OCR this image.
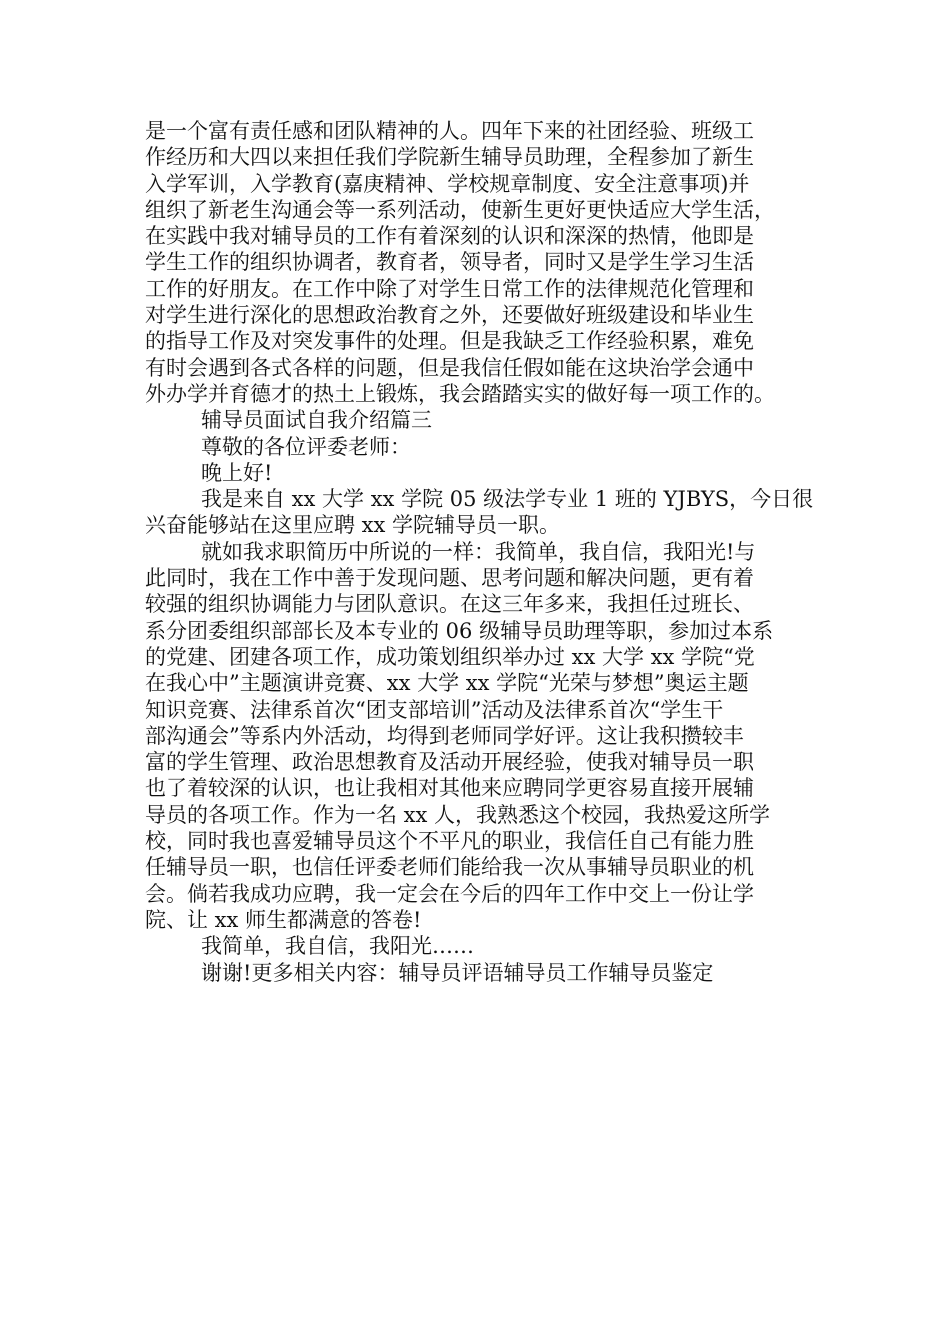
是一个富有责任感和团队精神的人。四年下来的社团经验、班级工
作经历和大四以来担任我们学院新生辅导员助理，全程参加了新生
入学军训，入学教育(嘉庚精神、学校规章制度、安全注意事项)并
组织了新老生沟通会等一系列活动，使新生更好更快适应大学生活，
在实践中我对辅导员的工作有着深刻的认识和深深的热情，他即是
学生工作的组织协调者，教育者，领导者，同时又是学生学习生活
工作的好朋友。在工作中除了对学生日常工作的法律规范化管理和
对学生进行深化的思想政治教育之外，还要做好班级建设和毕业生
的指导工作及对突发事件的处理。但是我缺乏工作经验积累，难免
有时会遇到各式各样的问题，但是我信任假如能在这块治学会通中
外办学并育德才的热土上锻炼，我会踏踏实实的做好每一项工作的。
辅导员面试自我介绍篇三
尊敬的各位评委老师：
晚上好!
我是来自 xx 大学 xx 学院 05 级法学专业 1 班的 YJBYS，今日很
兴奋能够站在这里应聘 xx 学院辅导员一职。
就如我求职简历中所说的一样：我简单，我自信，我阳光!与
此同时，我在工作中善于发现问题、思考问题和解决问题，更有着
较强的组织协调能力与团队意识。在这三年多来，我担任过班长、
系分团委组织部部长及本专业的 06 级辅导员助理等职，参加过本系
的党建、团建各项工作，成功策划组织举办过 xx 大学 xx 学院“党
在我心中”主题演讲竞赛、xx 大学 xx 学院“光荣与梦想”奥运主题
知识竞赛、法律系首次“团支部培训”活动及法律系首次“学生干
部沟通会”等系内外活动，均得到老师同学好评。这让我积攒较丰
富的学生管理、政治思想教育及活动开展经验，使我对辅导员一职
也了着较深的认识，也让我相对其他来应聘同学更容易直接开展辅
导员的各项工作。作为一名 xx 人，我熟悉这个校园，我热爱这所学
校，同时我也喜爱辅导员这个不平凡的职业，我信任自己有能力胜
任辅导员一职，也信任评委老师们能给我一次从事辅导员职业的机
会。倘若我成功应聘，我一定会在今后的四年工作中交上一份让学
院、让 xx 师生都满意的答卷!
我简单，我自信，我阳光……
谢谢!更多相关内容：辅导员评语辅导员工作辅导员鉴定
